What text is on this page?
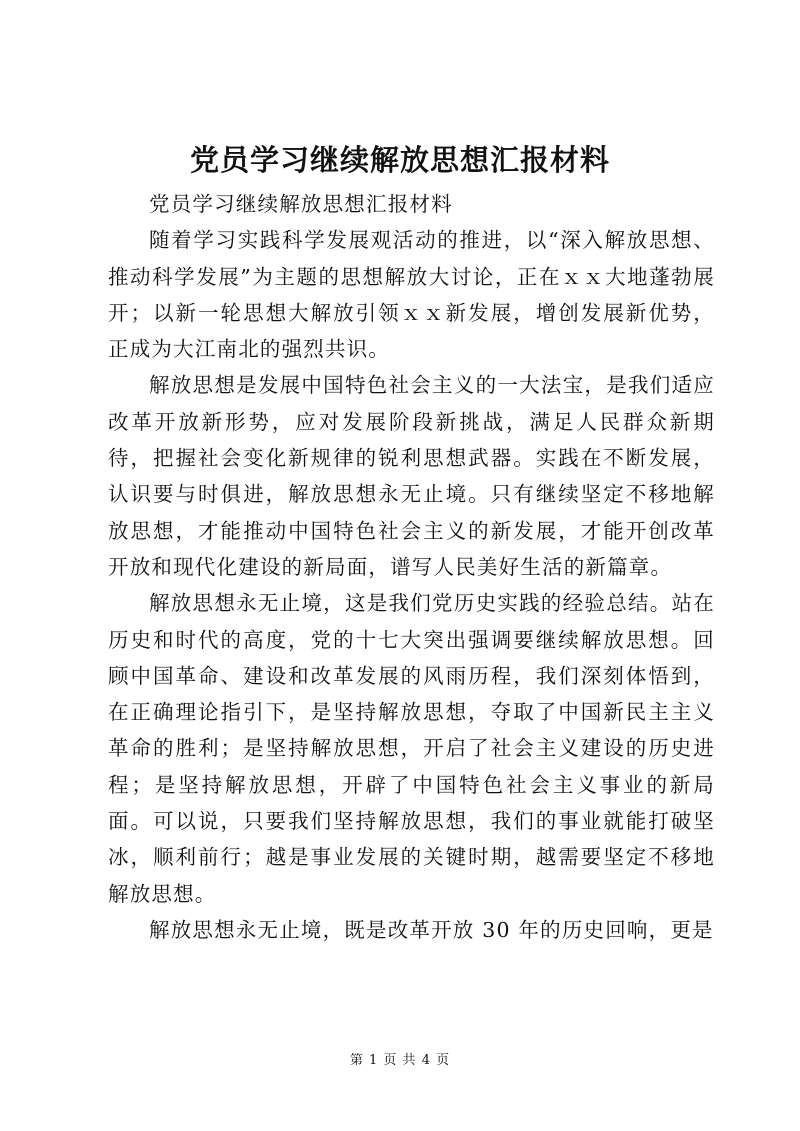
党员学习继续解放思想汇报材料

党员学习继续解放思想汇报材料

随着学习实践科学发展观活动的推进，以“深入解放思想、推动科学发展”为主题的思想解放大讨论，正在ｘｘ大地蓬勃展开；以新一轮思想大解放引领ｘｘ新发展，增创发展新优势，正成为大江南北的强烈共识。

解放思想是发展中国特色社会主义的一大法宝，是我们适应改革开放新形势，应对发展阶段新挑战，满足人民群众新期待，把握社会变化新规律的锐利思想武器。实践在不断发展，认识要与时俱进，解放思想永无止境。只有继续坚定不移地解放思想，才能推动中国特色社会主义的新发展，才能开创改革开放和现代化建设的新局面，谱写人民美好生活的新篇章。

解放思想永无止境，这是我们党历史实践的经验总结。站在历史和时代的高度，党的十七大突出强调要继续解放思想。回顾中国革命、建设和改革发展的风雨历程，我们深刻体悟到，在正确理论指引下，是坚持解放思想，夺取了中国新民主主义革命的胜利；是坚持解放思想，开启了社会主义建设的历史进程；是坚持解放思想，开辟了中国特色社会主义事业的新局面。可以说，只要我们坚持解放思想，我们的事业就能打破坚冰，顺利前行；越是事业发展的关键时期，越需要坚定不移地解放思想。

解放思想永无止境，既是改革开放 30 年的历史回响，更是

第 1 页 共 4 页
